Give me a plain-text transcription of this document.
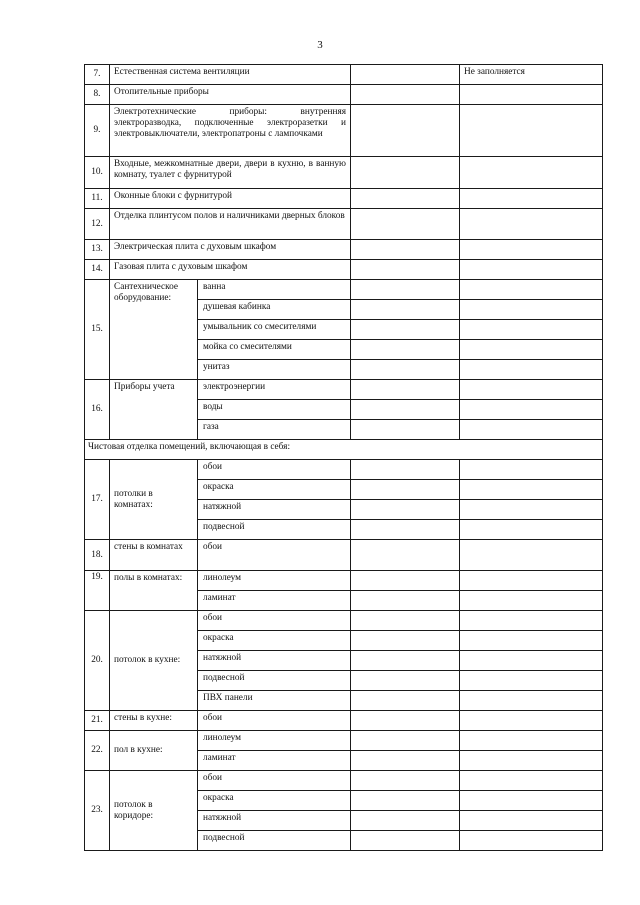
3
7.	Естественная система вентиляции			Не заполняется
8.	Отопительные приборы			
9.	Электротехнические приборы: внутренняя электроразводка, подключенные электроразетки и электровыключатели, электропатроны с лампочками			
10.	Входные, межкомнатные двери, двери в кухню, в ванную комнату, туалет с фурнитурой			
11.	Оконные блоки с фурнитурой			
12.	Отделка плинтусом полов и наличниками дверных блоков			
13.	Электрическая плита с духовым шкафом			
14.	Газовая плита с духовым шкафом			
15.	Сантехническое оборудование:	ванна		
		душевая кабинка		
		умывальник со смесителями		
		мойка со смесителями		
		унитаз		
16.	Приборы учета	электроэнергии		
		воды		
		газа		
Чистовая отделка помещений, включающая в себя:				
17.	потолки в комнатах:	обои		
		окраска		
		натяжной		
		подвесной		
18.	стены в комнатах	обои		
19.	полы в комнатах:	линолеум		
		ламинат		
20.	потолок в кухне:	обои		
		окраска		
		натяжной		
		подвесной		
		ПВХ панели		
21.	стены в кухне:	обои		
22.	пол в кухне:	линолеум		
		ламинат		
23.	потолок в коридоре:	обои		
		окраска		
		натяжной		
		подвесной		
